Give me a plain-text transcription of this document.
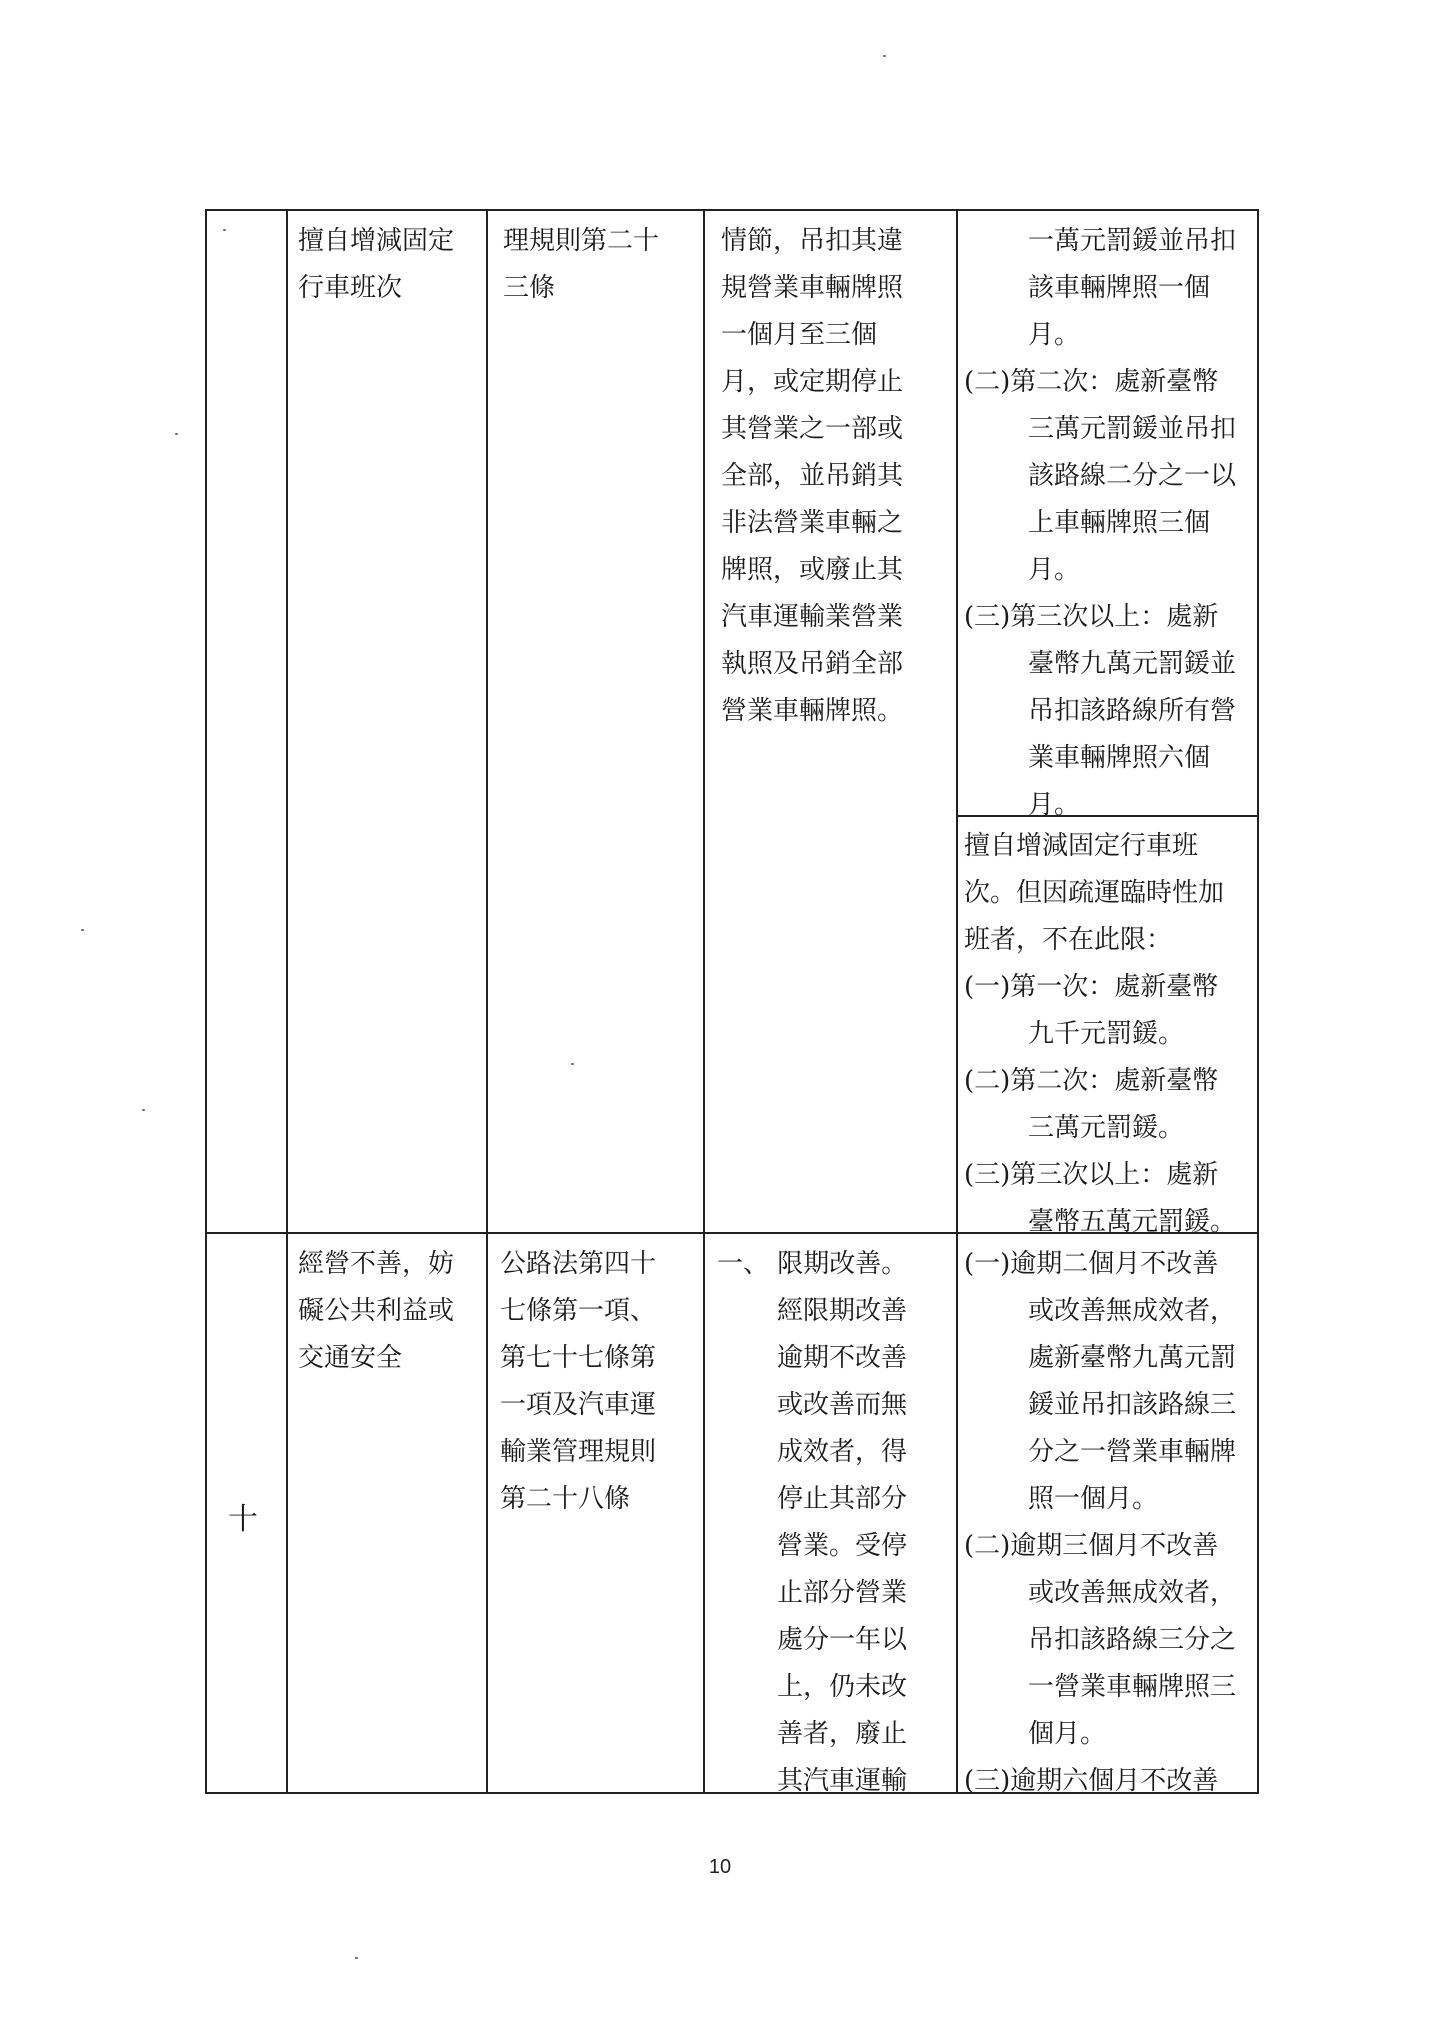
擅自增減固定
行車班次
理規則第二十
三條
情節，吊扣其違
規營業車輛牌照
一個月至三個
月，或定期停止
其營業之一部或
全部，並吊銷其
非法營業車輛之
牌照，或廢止其
汽車運輸業營業
執照及吊銷全部
營業車輛牌照。
一萬元罰鍰並吊扣
該車輛牌照一個
月。
(二)第二次：處新臺幣
三萬元罰鍰並吊扣
該路線二分之一以
上車輛牌照三個
月。
(三)第三次以上：處新
臺幣九萬元罰鍰並
吊扣該路線所有營
業車輛牌照六個
月。
擅自增減固定行車班
次。但因疏運臨時性加
班者，不在此限：
(一)第一次：處新臺幣
九千元罰鍰。
(二)第二次：處新臺幣
三萬元罰鍰。
(三)第三次以上：處新
臺幣五萬元罰鍰。
十
經營不善，妨
礙公共利益或
交通安全
公路法第四十
七條第一項、
第七十七條第
一項及汽車運
輸業管理規則
第二十八條
一、 限期改善。
經限期改善
逾期不改善
或改善而無
成效者，得
停止其部分
營業。受停
止部分營業
處分一年以
上，仍未改
善者，廢止
其汽車運輸
(一)逾期二個月不改善
或改善無成效者，
處新臺幣九萬元罰
鍰並吊扣該路線三
分之一營業車輛牌
照一個月。
(二)逾期三個月不改善
或改善無成效者，
吊扣該路線三分之
一營業車輛牌照三
個月。
(三)逾期六個月不改善
10
